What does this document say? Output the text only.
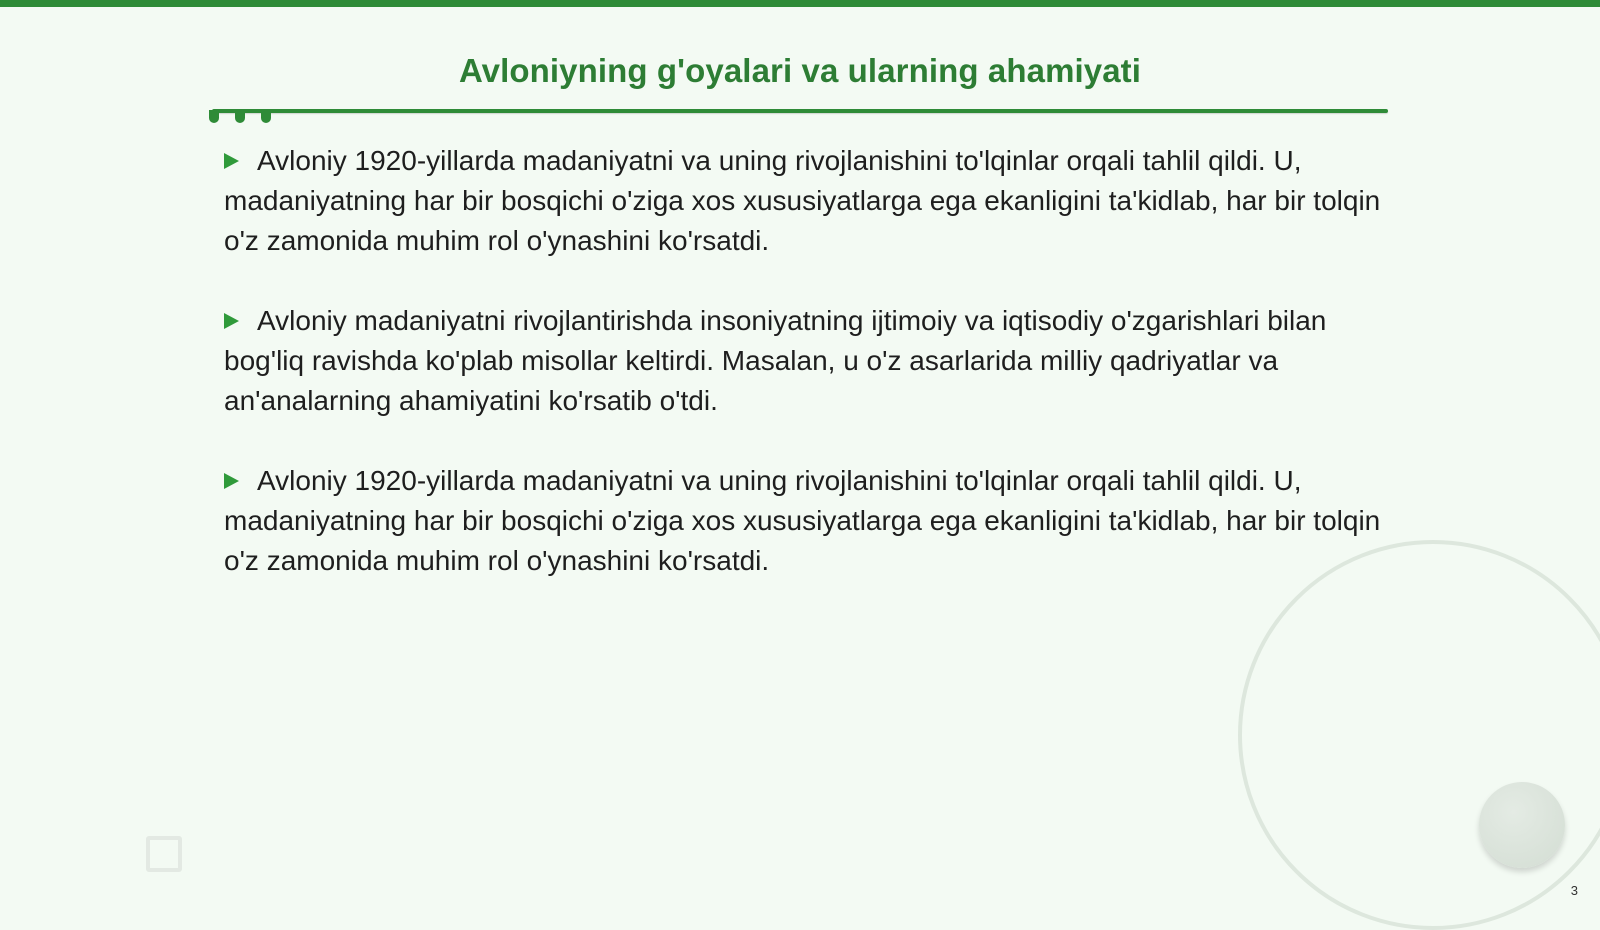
Avloniyning g'oyalari va ularning ahamiyati

Avloniy 1920-yillarda madaniyatni va uning rivojlanishini to'lqinlar orqali tahlil qildi. U, madaniyatning har bir bosqichi o'ziga xos xususiyatlarga ega ekanligini ta'kidlab, har bir tolqin o'z zamonida muhim rol o'ynashini ko'rsatdi.

Avloniy madaniyatni rivojlantirishda insoniyatning ijtimoiy va iqtisodiy o'zgarishlari bilan bog'liq ravishda ko'plab misollar keltirdi. Masalan, u o'z asarlarida milliy qadriyatlar va an'analarning ahamiyatini ko'rsatib o'tdi.

Avloniy 1920-yillarda madaniyatni va uning rivojlanishini to'lqinlar orqali tahlil qildi. U, madaniyatning har bir bosqichi o'ziga xos xususiyatlarga ega ekanligini ta'kidlab, har bir tolqin o'z zamonida muhim rol o'ynashini ko'rsatdi.

3
